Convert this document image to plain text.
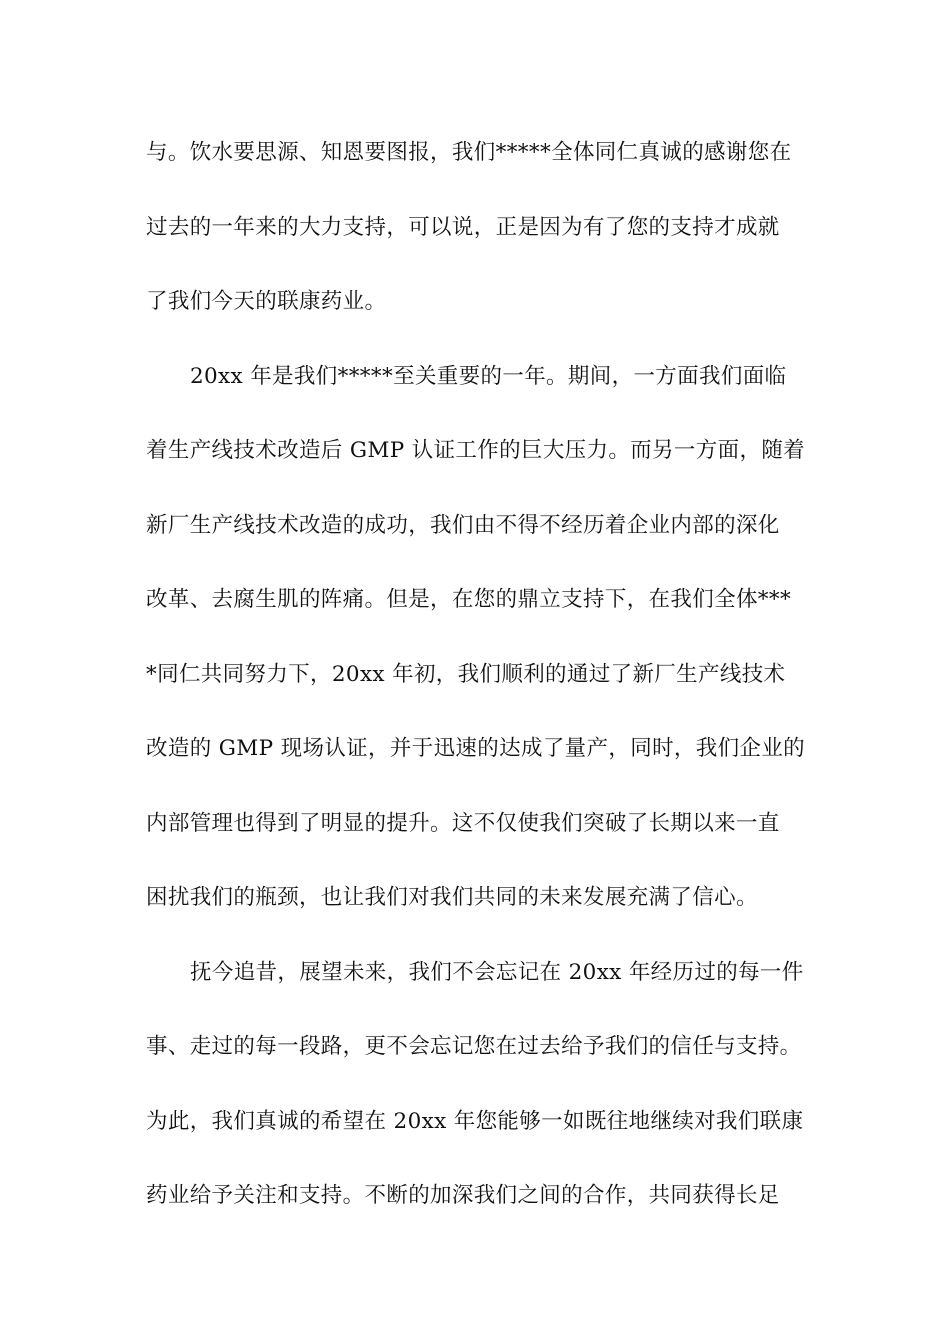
与。饮水要思源、知恩要图报，我们*****全体同仁真诚的感谢您在
过去的一年来的大力支持，可以说，正是因为有了您的支持才成就
了我们今天的联康药业。
20xx 年是我们*****至关重要的一年。期间，一方面我们面临
着生产线技术改造后 GMP 认证工作的巨大压力。而另一方面，随着
新厂生产线技术改造的成功，我们由不得不经历着企业内部的深化
改革、去腐生肌的阵痛。但是，在您的鼎立支持下，在我们全体***
*同仁共同努力下，20xx 年初，我们顺利的通过了新厂生产线技术
改造的 GMP 现场认证，并于迅速的达成了量产，同时，我们企业的
内部管理也得到了明显的提升。这不仅使我们突破了长期以来一直
困扰我们的瓶颈，也让我们对我们共同的未来发展充满了信心。
抚今追昔，展望未来，我们不会忘记在 20xx 年经历过的每一件
事、走过的每一段路，更不会忘记您在过去给予我们的信任与支持。
为此，我们真诚的希望在 20xx 年您能够一如既往地继续对我们联康
药业给予关注和支持。不断的加深我们之间的合作，共同获得长足
